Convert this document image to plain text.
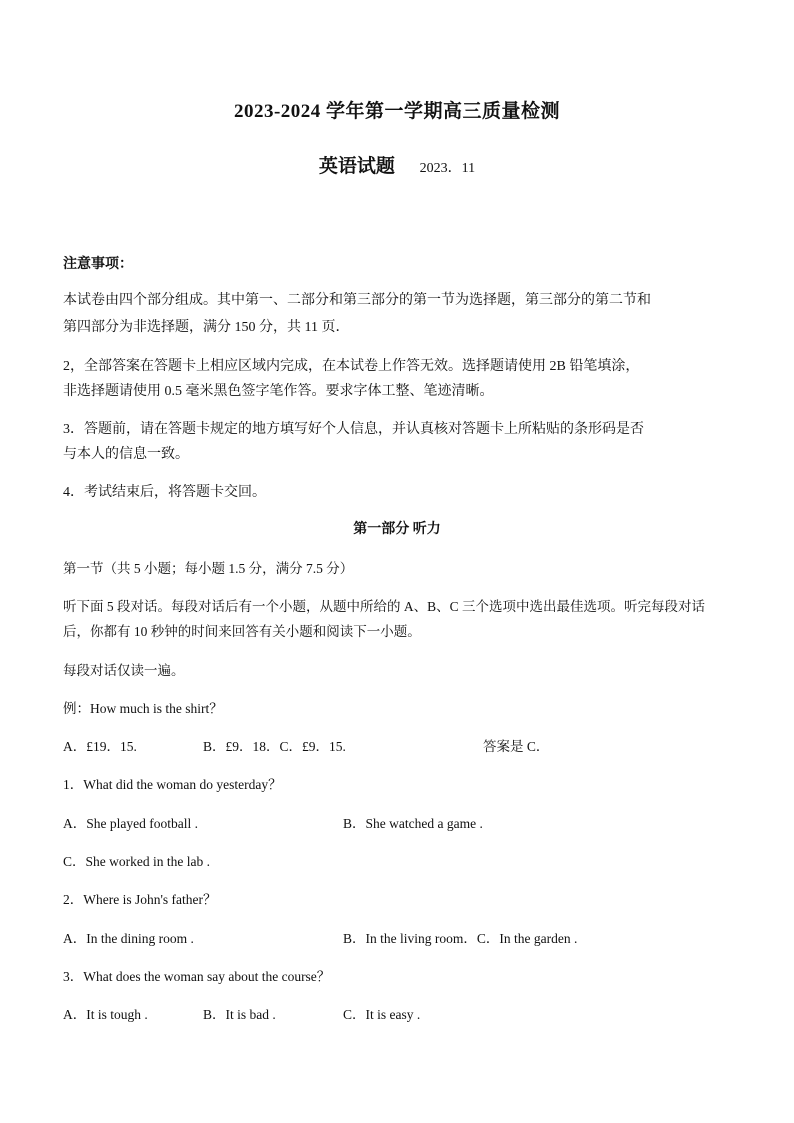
2023-2024 学年第一学期高三质量检测
英语试题 2023．11
注意事项：
本试卷由四个部分组成。其中第一、二部分和第三部分的第一节为选择题，第三部分的第二节和
第四部分为非选择题，满分 150 分，共 11 页．
2，全部答案在答题卡上相应区域内完成，在本试卷上作答无效。选择题请使用 2B 铅笔填涂，
非选择题请使用 0.5 毫米黑色签字笔作答。要求字体工整、笔迹清晰。
3．答题前，请在答题卡规定的地方填写好个人信息，并认真核对答题卡上所粘贴的条形码是否
与本人的信息一致。
4．考试结束后，将答题卡交回。
第一部分 听力
第一节（共 5 小题；每小题 1.5 分，满分 7.5 分）
听下面 5 段对话。每段对话后有一个小题，从题中所给的 A、B、C 三个选项中选出最佳选项。听完每段对话
后，你都有 10 秒钟的时间来回答有关小题和阅读下一小题。
每段对话仅读一遍。
例：How much is the shirt？
A．£19．15.	B．£9．18．C．£9．15.	答案是 C．
1．What did the woman do yesterday？
A．She played football .	B．She watched a game .
C．She worked in the lab .
2．Where is John's father？
A．In the dining room .	B．In the living room．C．In the garden .
3．What does the woman say about the course？
A．It is tough .	B．It is bad .	C．It is easy .
